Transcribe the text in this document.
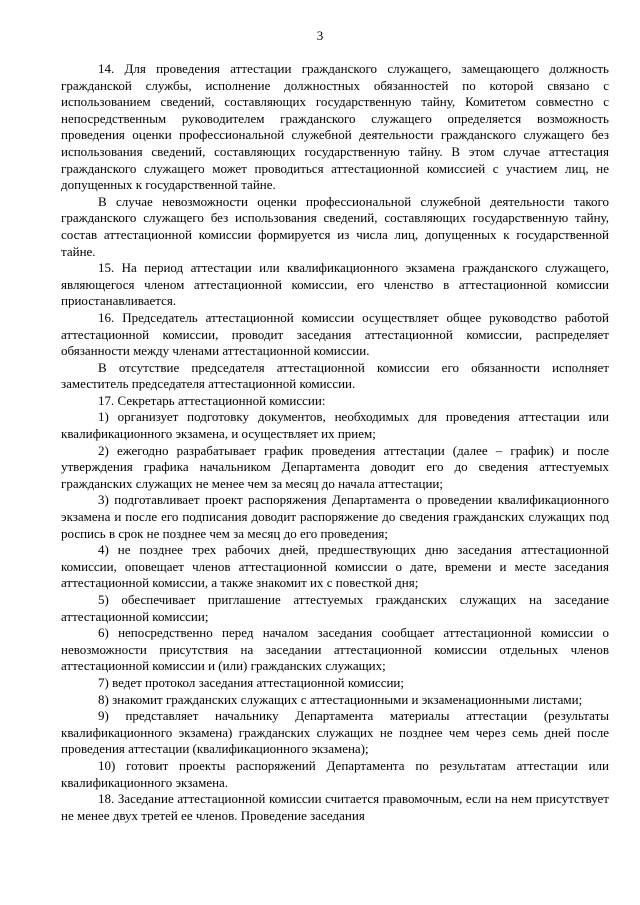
3

14. Для проведения аттестации гражданского служащего, замещающего должность гражданской службы, исполнение должностных обязанностей по которой связано с использованием сведений, составляющих государственную тайну, Комитетом совместно с непосредственным руководителем гражданского служащего определяется возможность проведения оценки профессиональной служебной деятельности гражданского служащего без использования сведений, составляющих государственную тайну. В этом случае аттестация гражданского служащего может проводиться аттестационной комиссией с участием лиц, не допущенных к государственной тайне.

В случае невозможности оценки профессиональной служебной деятельности такого гражданского служащего без использования сведений, составляющих государственную тайну, состав аттестационной комиссии формируется из числа лиц, допущенных к государственной тайне.

15. На период аттестации или квалификационного экзамена гражданского служащего, являющегося членом аттестационной комиссии, его членство в аттестационной комиссии приостанавливается.

16. Председатель аттестационной комиссии осуществляет общее руководство работой аттестационной комиссии, проводит заседания аттестационной комиссии, распределяет обязанности между членами аттестационной комиссии.

В отсутствие председателя аттестационной комиссии его обязанности исполняет заместитель председателя аттестационной комиссии.

17. Секретарь аттестационной комиссии:

1) организует подготовку документов, необходимых для проведения аттестации или квалификационного экзамена, и осуществляет их прием;

2) ежегодно разрабатывает график проведения аттестации (далее – график) и после утверждения графика начальником Департамента доводит его до сведения аттестуемых гражданских служащих не менее чем за месяц до начала аттестации;

3) подготавливает проект распоряжения Департамента о проведении квалификационного экзамена и после его подписания доводит распоряжение до сведения гражданских служащих под роспись в срок не позднее чем за месяц до его проведения;

4) не позднее трех рабочих дней, предшествующих дню заседания аттестационной комиссии, оповещает членов аттестационной комиссии о дате, времени и месте заседания аттестационной комиссии, а также знакомит их с повесткой дня;

5) обеспечивает приглашение аттестуемых гражданских служащих на заседание аттестационной комиссии;

6) непосредственно перед началом заседания сообщает аттестационной комиссии о невозможности присутствия на заседании аттестационной комиссии отдельных членов аттестационной комиссии и (или) гражданских служащих;

7) ведет протокол заседания аттестационной комиссии;

8) знакомит гражданских служащих с аттестационными и экзаменационными листами;

9) представляет начальнику Департамента материалы аттестации (результаты квалификационного экзамена) гражданских служащих не позднее чем через семь дней после проведения аттестации (квалификационного экзамена);

10) готовит проекты распоряжений Департамента по результатам аттестации или квалификационного экзамена.

18. Заседание аттестационной комиссии считается правомочным, если на нем присутствует не менее двух третей ее членов. Проведение заседания
